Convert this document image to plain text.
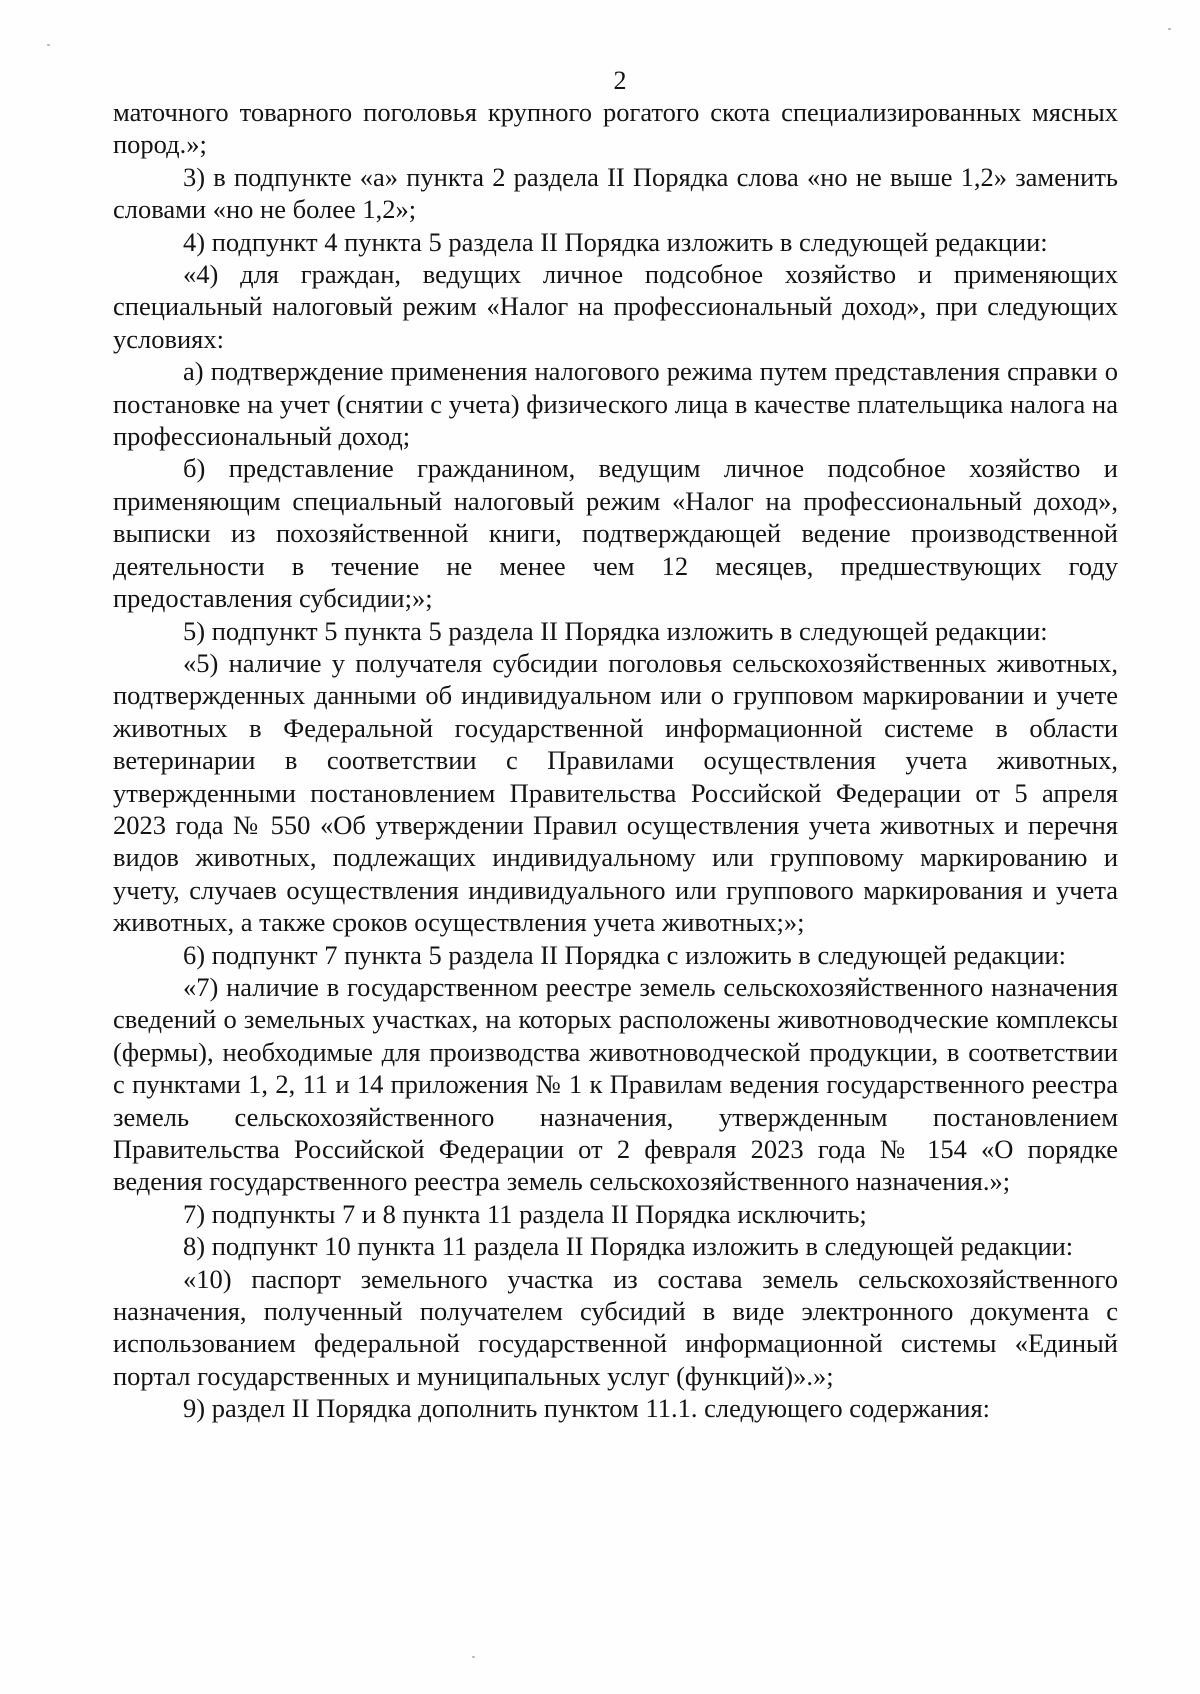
2

маточного товарного поголовья крупного рогатого скота специализированных мясных пород.»;

3) в подпункте «а» пункта 2 раздела II Порядка слова «но не выше 1,2» заменить словами «но не более 1,2»;

4) подпункт 4 пункта 5 раздела II Порядка изложить в следующей редакции:

«4) для граждан, ведущих личное подсобное хозяйство и применяющих специальный налоговый режим «Налог на профессиональный доход», при следующих условиях:

а) подтверждение применения налогового режима путем представления справки о постановке на учет (снятии с учета) физического лица в качестве плательщика налога на профессиональный доход;

б) представление гражданином, ведущим личное подсобное хозяйство и применяющим специальный налоговый режим «Налог на профессиональный доход», выписки из похозяйственной книги, подтверждающей ведение производственной деятельности в течение не менее чем 12 месяцев, предшествующих году предоставления субсидии;»;

5) подпункт 5 пункта 5 раздела II Порядка изложить в следующей редакции:

«5) наличие у получателя субсидии поголовья сельскохозяйственных животных, подтвержденных данными об индивидуальном или о групповом маркировании и учете животных в Федеральной государственной информационной системе в области ветеринарии в соответствии с Правилами осуществления учета животных, утвержденными постановлением Правительства Российской Федерации от 5 апреля 2023 года № 550 «Об утверждении Правил осуществления учета животных и перечня видов животных, подлежащих индивидуальному или групповому маркированию и учету, случаев осуществления индивидуального или группового маркирования и учета животных, а также сроков осуществления учета животных;»;

6) подпункт 7 пункта 5 раздела II Порядка с изложить в следующей редакции:

«7) наличие в государственном реестре земель сельскохозяйственного назначения сведений о земельных участках, на которых расположены животноводческие комплексы (фермы), необходимые для производства животноводческой продукции, в соответствии с пунктами 1, 2, 11 и 14 приложения № 1 к Правилам ведения государственного реестра земель сельскохозяйственного назначения, утвержденным постановлением Правительства Российской Федерации от 2 февраля 2023 года № 154 «О порядке ведения государственного реестра земель сельскохозяйственного назначения.»;

7) подпункты 7 и 8 пункта 11 раздела II Порядка исключить;

8) подпункт 10 пункта 11 раздела II Порядка изложить в следующей редакции:

«10) паспорт земельного участка из состава земель сельскохозяйственного назначения, полученный получателем субсидий в виде электронного документа с использованием федеральной государственной информационной системы «Единый портал государственных и муниципальных услуг (функций)».»;

9) раздел II Порядка дополнить пунктом 11.1. следующего содержания:
